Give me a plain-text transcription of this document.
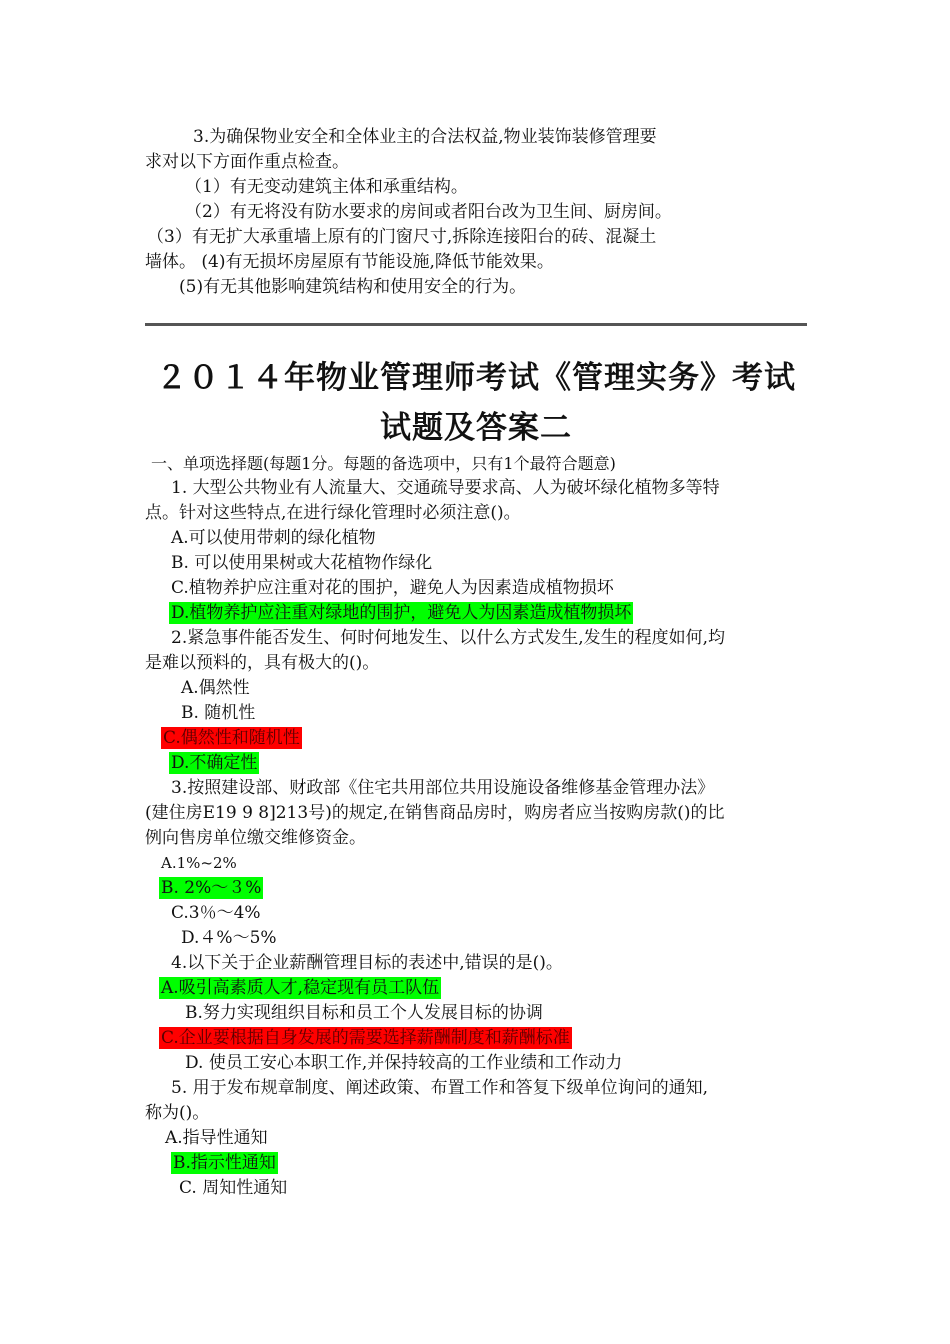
3.为确保物业安全和全体业主的合法权益,物业装饰装修管理要
求对以下方面作重点检查。
（1）有无变动建筑主体和承重结构。
（2）有无将没有防水要求的房间或者阳台改为卫生间、厨房间。
（3）有无扩大承重墙上原有的门窗尺寸,拆除连接阳台的砖、混凝土
墙体。 (4)有无损坏房屋原有节能设施,降低节能效果。
(5)有无其他影响建筑结构和使用安全的行为。
２０１４年物业管理师考试《管理实务》考试
试题及答案二
一、单项选择题(每题1分。每题的备选项中，只有1个最符合题意)
1. 大型公共物业有人流量大、交通疏导要求高、人为破坏绿化植物多等特
点。针对这些特点,在进行绿化管理时必须注意()。
A.可以使用带刺的绿化植物
B. 可以使用果树或大花植物作绿化
C.植物养护应注重对花的围护，避免人为因素造成植物损坏
D.植物养护应注重对绿地的围护，避免人为因素造成植物损坏
2.紧急事件能否发生、何时何地发生、以什么方式发生,发生的程度如何,均
是难以预料的，具有极大的()。
A.偶然性
B. 随机性
C.偶然性和随机性
D.不确定性
3.按照建设部、财政部《住宅共用部位共用设施设备维修基金管理办法》
(建住房E19 9 8]213号)的规定,在销售商品房时，购房者应当按购房款()的比
例向售房单位缴交维修资金。
A.1%~2%
B. 2%～３%
C.3％～4%
D.４%～5%
4.以下关于企业薪酬管理目标的表述中,错误的是()。
A.吸引高素质人才,稳定现有员工队伍
B.努力实现组织目标和员工个人发展目标的协调
C.企业要根据自身发展的需要选择薪酬制度和薪酬标准
D. 使员工安心本职工作,并保持较高的工作业绩和工作动力
5. 用于发布规章制度、阐述政策、布置工作和答复下级单位询问的通知,
称为()。
A.指导性通知
B.指示性通知
C. 周知性通知
